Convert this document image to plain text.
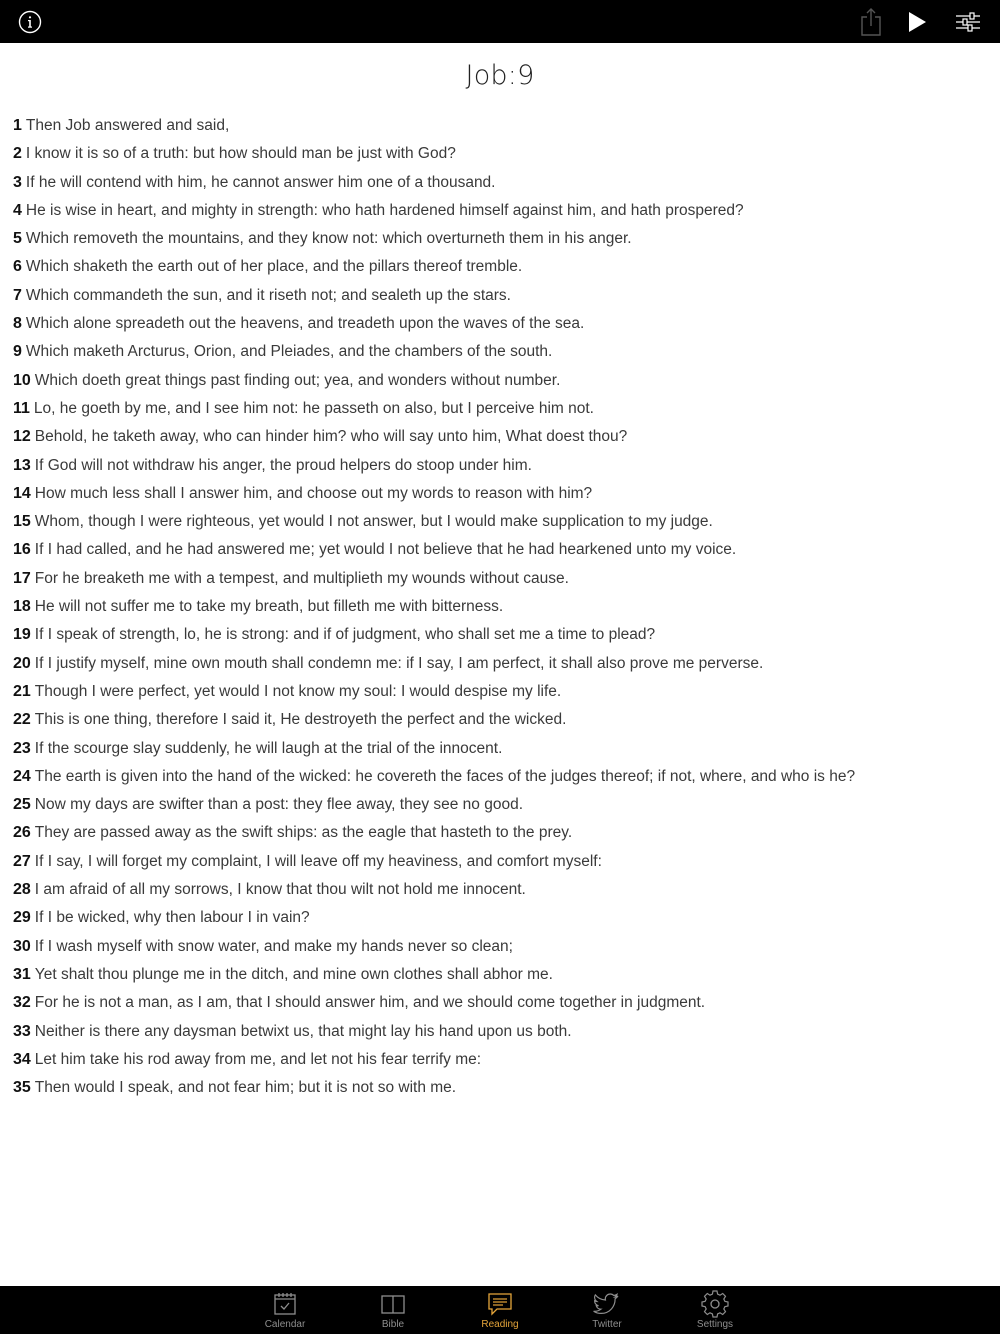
Job:9
1 Then Job answered and said,
2 I know it is so of a truth: but how should man be just with God?
3 If he will contend with him, he cannot answer him one of a thousand.
4 He is wise in heart, and mighty in strength: who hath hardened himself against him, and hath prospered?
5 Which removeth the mountains, and they know not: which overturneth them in his anger.
6 Which shaketh the earth out of her place, and the pillars thereof tremble.
7 Which commandeth the sun, and it riseth not; and sealeth up the stars.
8 Which alone spreadeth out the heavens, and treadeth upon the waves of the sea.
9 Which maketh Arcturus, Orion, and Pleiades, and the chambers of the south.
10 Which doeth great things past finding out; yea, and wonders without number.
11 Lo, he goeth by me, and I see him not: he passeth on also, but I perceive him not.
12 Behold, he taketh away, who can hinder him? who will say unto him, What doest thou?
13 If God will not withdraw his anger, the proud helpers do stoop under him.
14 How much less shall I answer him, and choose out my words to reason with him?
15 Whom, though I were righteous, yet would I not answer, but I would make supplication to my judge.
16 If I had called, and he had answered me; yet would I not believe that he had hearkened unto my voice.
17 For he breaketh me with a tempest, and multiplieth my wounds without cause.
18 He will not suffer me to take my breath, but filleth me with bitterness.
19 If I speak of strength, lo, he is strong: and if of judgment, who shall set me a time to plead?
20 If I justify myself, mine own mouth shall condemn me: if I say, I am perfect, it shall also prove me perverse.
21 Though I were perfect, yet would I not know my soul: I would despise my life.
22 This is one thing, therefore I said it, He destroyeth the perfect and the wicked.
23 If the scourge slay suddenly, he will laugh at the trial of the innocent.
24 The earth is given into the hand of the wicked: he covereth the faces of the judges thereof; if not, where, and who is he?
25 Now my days are swifter than a post: they flee away, they see no good.
26 They are passed away as the swift ships: as the eagle that hasteth to the prey.
27 If I say, I will forget my complaint, I will leave off my heaviness, and comfort myself:
28 I am afraid of all my sorrows, I know that thou wilt not hold me innocent.
29 If I be wicked, why then labour I in vain?
30 If I wash myself with snow water, and make my hands never so clean;
31 Yet shalt thou plunge me in the ditch, and mine own clothes shall abhor me.
32 For he is not a man, as I am, that I should answer him, and we should come together in judgment.
33 Neither is there any daysman betwixt us, that might lay his hand upon us both.
34 Let him take his rod away from me, and let not his fear terrify me:
35 Then would I speak, and not fear him; but it is not so with me.
Calendar	Bible	Reading	Twitter	Settings
